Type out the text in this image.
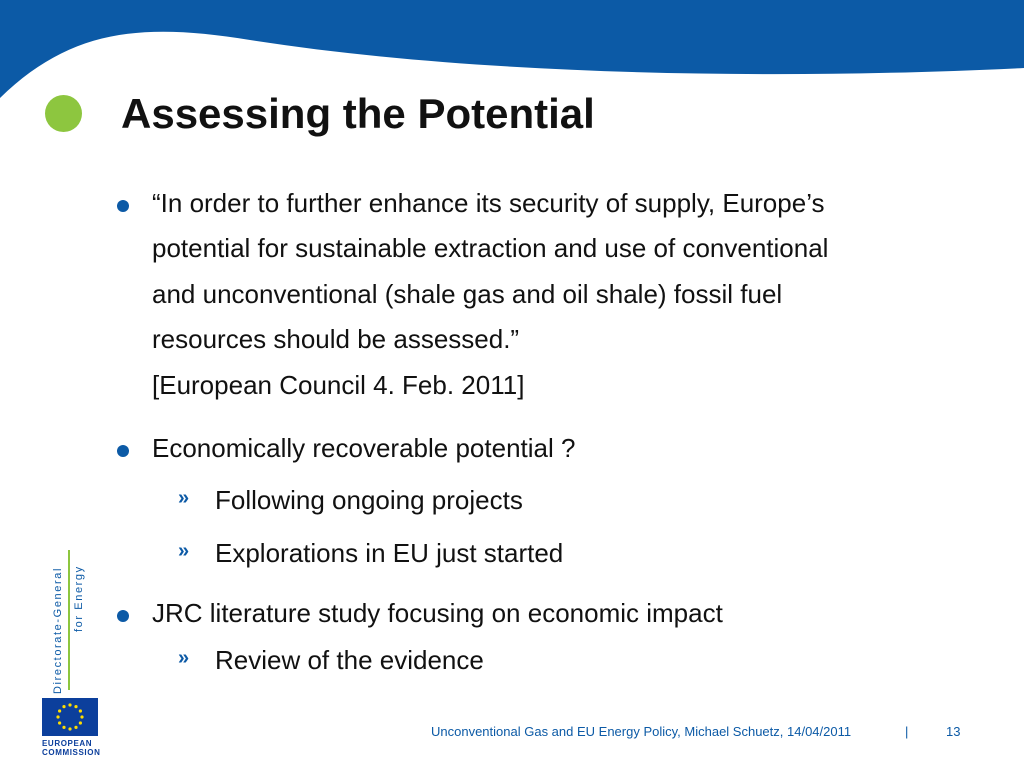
Assessing the Potential
“In order to further enhance its security of supply, Europe’s
potential for sustainable extraction and use of conventional
and unconventional (shale gas and oil shale) fossil fuel
resources should be assessed.”
[European Council 4. Feb. 2011]
Economically recoverable potential ?
» Following ongoing projects
» Explorations in EU just started
JRC literature study focusing on economic impact
» Review of the evidence
Directorate-General for Energy
EUROPEAN
COMMISSION
Unconventional Gas and EU Energy Policy, Michael Schuetz, 14/04/2011	|	13
